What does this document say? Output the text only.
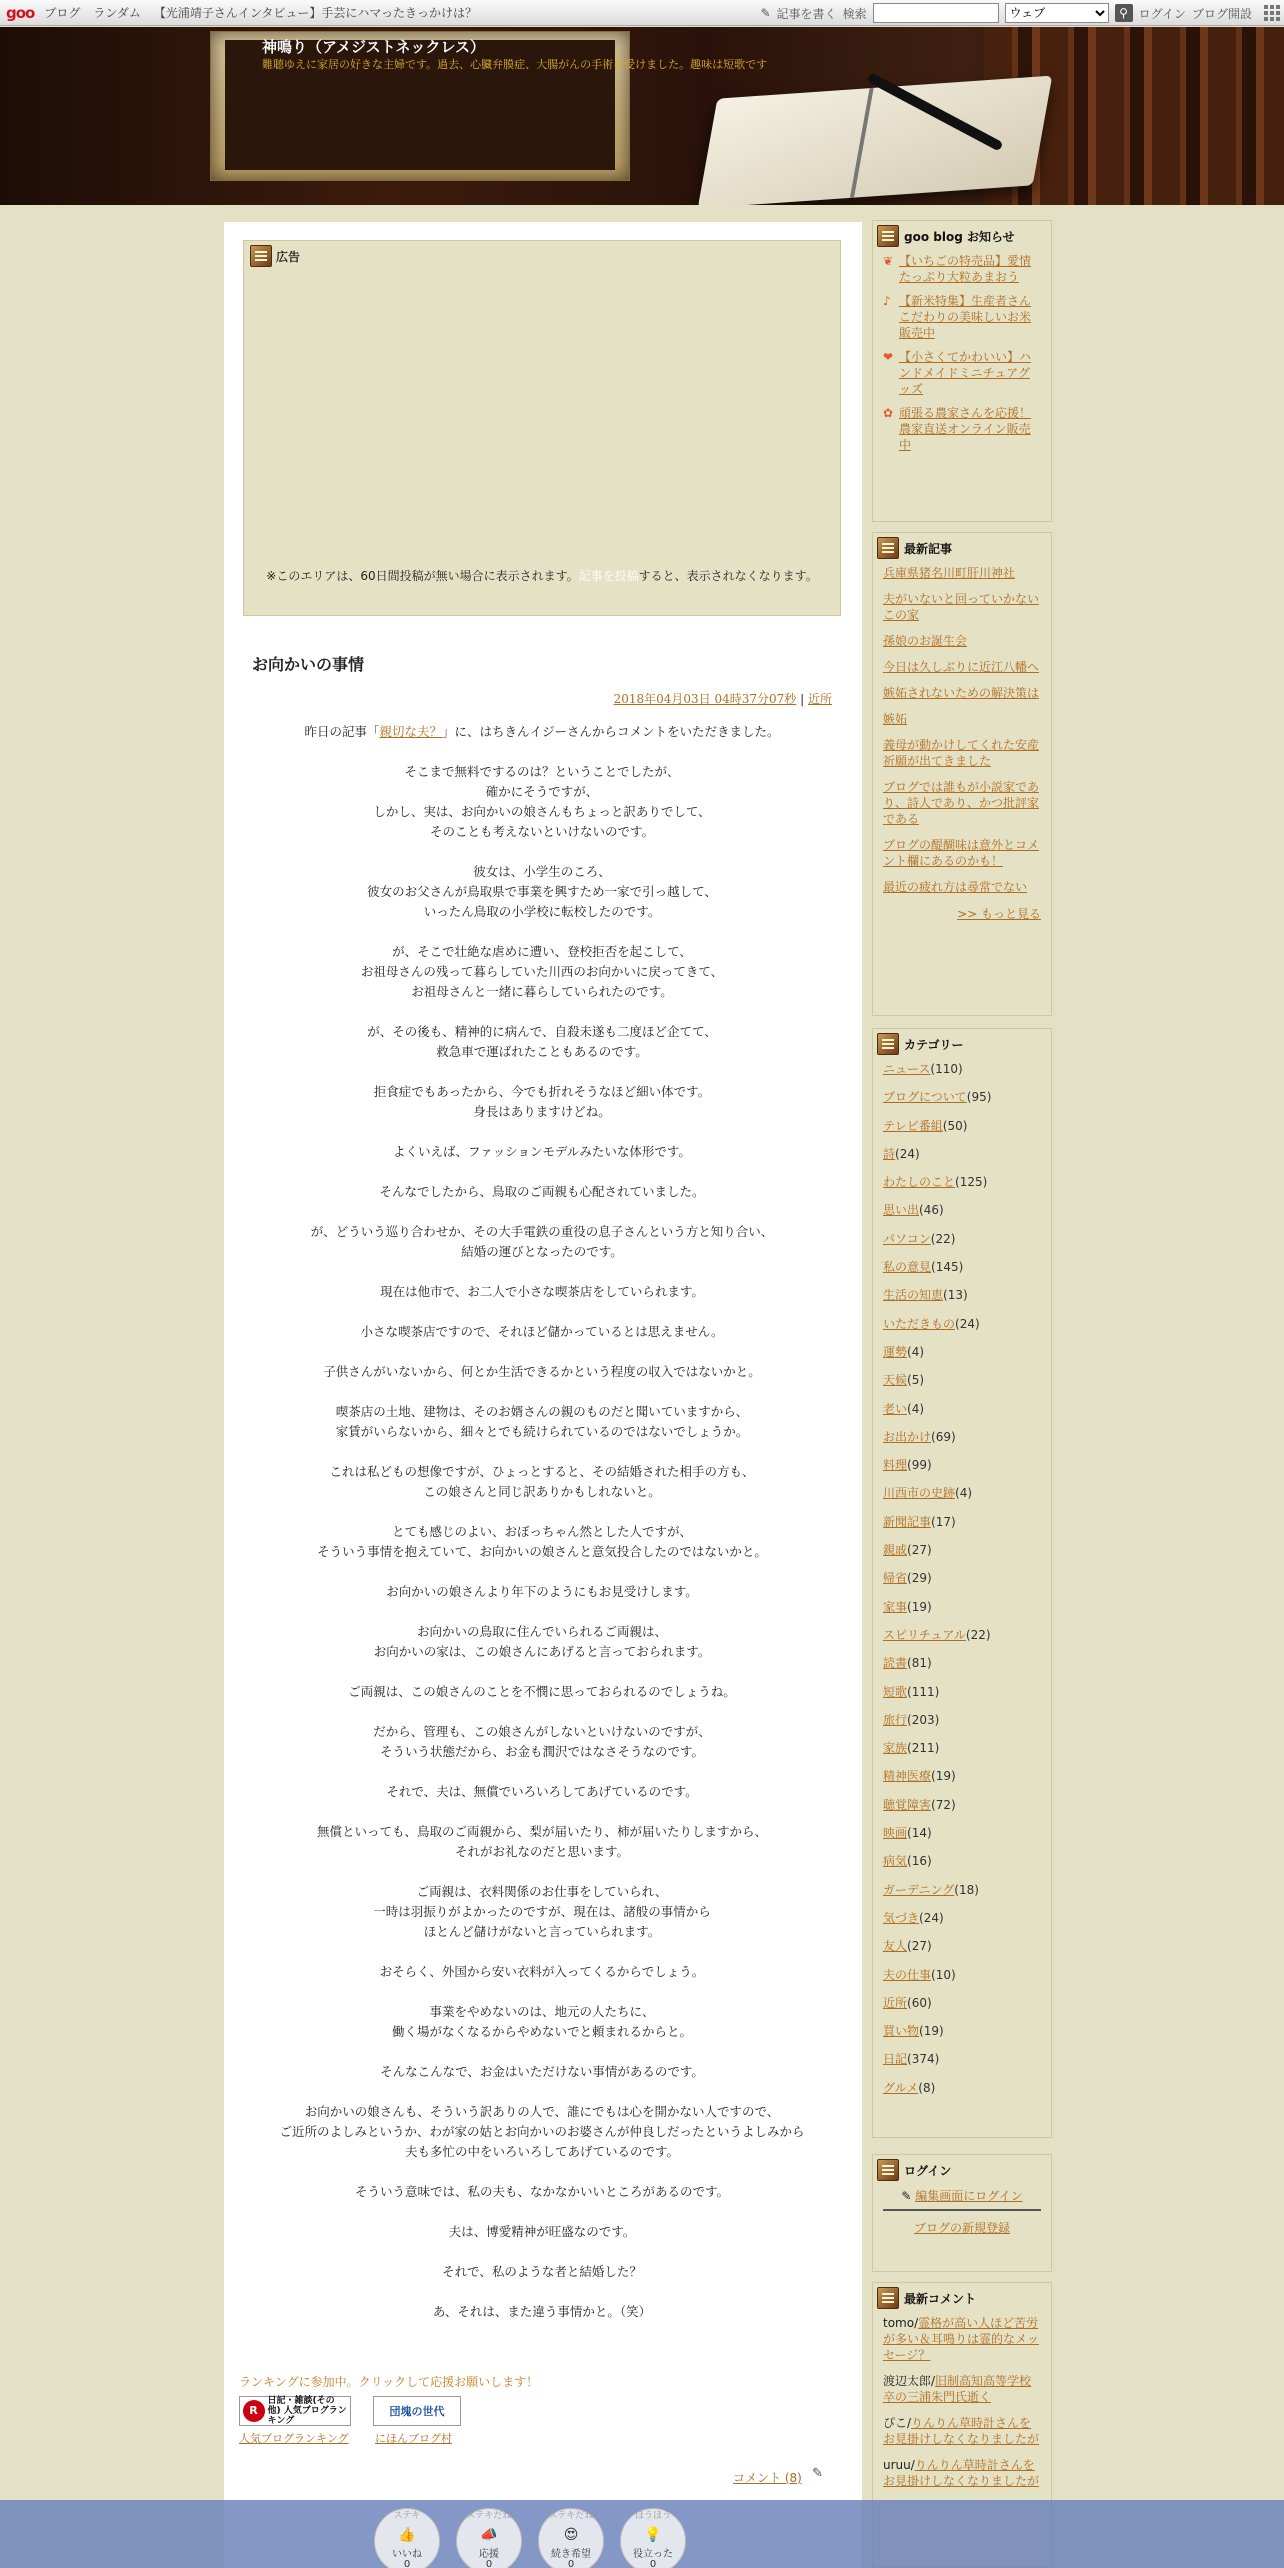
goo ブログ ランダム 【光浦靖子さんインタビュー】手芸にハマったきっかけは？	✎ 記事を書く 検索
ウェブ	⚲ ログイン ブログ開設
神鳴り（アメジストネックレス）
難聴ゆえに家居の好きな主婦です。過去、心臓弁膜症、大腸がんの手術を受けました。趣味は短歌です
広告
※このエリアは、60日間投稿が無い場合に表示されます。記事を投稿すると、表示されなくなります。
お向かいの事情
2018年04月03日 04時37分07秒 | 近所

昨日の記事「親切な夫？」に、はちきんイジーさんからコメントをいただきました。

そこまで無料でするのは？ということでしたが、
確かにそうですが、
しかし、実は、お向かいの娘さんもちょっと訳ありでして、
そのことも考えないといけないのです。

彼女は、小学生のころ、
彼女のお父さんが鳥取県で事業を興すため一家で引っ越して、
いったん鳥取の小学校に転校したのです。

が、そこで壮絶な虐めに遭い、登校拒否を起こして、
お祖母さんの残って暮らしていた川西のお向かいに戻ってきて、
お祖母さんと一緒に暮らしていられたのです。

が、その後も、精神的に病んで、自殺未遂も二度ほど企てて、
救急車で運ばれたこともあるのです。

拒食症でもあったから、今でも折れそうなほど細い体です。
身長はありますけどね。

よくいえば、ファッションモデルみたいな体形です。

そんなでしたから、鳥取のご両親も心配されていました。

が、どういう巡り合わせか、その大手電鉄の重役の息子さんという方と知り合い、
結婚の運びとなったのです。

現在は他市で、お二人で小さな喫茶店をしていられます。

小さな喫茶店ですので、それほど儲かっているとは思えません。

子供さんがいないから、何とか生活できるかという程度の収入ではないかと。

喫茶店の土地、建物は、そのお婿さんの親のものだと聞いていますから、
家賃がいらないから、細々とでも続けられているのではないでしょうか。

これは私どもの想像ですが、ひょっとすると、その結婚された相手の方も、
この娘さんと同じ訳ありかもしれないと。

とても感じのよい、おぼっちゃん然とした人ですが、
そういう事情を抱えていて、お向かいの娘さんと意気投合したのではないかと。

お向かいの娘さんより年下のようにもお見受けします。

お向かいの鳥取に住んでいられるご両親は、
お向かいの家は、この娘さんにあげると言っておられます。

ご両親は、この娘さんのことを不憫に思っておられるのでしょうね。

だから、管理も、この娘さんがしないといけないのですが、
そういう状態だから、お金も潤沢ではなさそうなのです。

それで、夫は、無償でいろいろしてあげているのです。

無償といっても、鳥取のご両親から、梨が届いたり、柿が届いたりしますから、
それがお礼なのだと思います。

ご両親は、衣料関係のお仕事をしていられ、
一時は羽振りがよかったのですが、現在は、諸般の事情から
ほとんど儲けがないと言っていられます。

おそらく、外国から安い衣料が入ってくるからでしょう。

事業をやめないのは、地元の人たちに、
働く場がなくなるからやめないでと頼まれるからと。

そんなこんなで、お金はいただけない事情があるのです。

お向かいの娘さんも、そういう訳ありの人で、誰にでもは心を開かない人ですので、
ご近所のよしみというか、わが家の姑とお向かいのお婆さんが仲良しだったというよしみから
夫も多忙の中をいろいろしてあげているのです。

そういう意味では、私の夫も、なかなかいいところがあるのです。

夫は、博愛精神が旺盛なのです。

それで、私のような者と結婚した？

あ、それは、また違う事情かと。（笑）

ランキングに参加中。クリックして応援お願いします！
R
日記・雑談(その他) 人気ブログランキング
団塊の世代
人気ブログランキング にほんブログ村
コメント (8) ✎
goo blog お知らせ
❦ 【いちごの特売品】愛情たっぷり大粒あまおう
♪ 【新米特集】生産者さんこだわりの美味しいお米販売中
❤ 【小さくてかわいい】ハンドメイドミニチュアグッズ
✿ 頑張る農家さんを応援！農家直送オンライン販売中
最新記事
兵庫県猪名川町肝川神社
夫がいないと回っていかないこの家
孫娘のお誕生会
今日は久しぶりに近江八幡へ
嫉妬されないための解決策は
嫉妬
義母が動かけしてくれた安産祈願が出てきました
ブログでは誰もが小説家であり、詩人であり、かつ批評家である
ブログの醍醐味は意外とコメント欄にあるのかも！
最近の疲れ方は尋常でない
>> もっと見る
カテゴリー
ニュース(110)
ブログについて(95)
テレビ番組(50)
詩(24)
わたしのこと(125)
思い出(46)
パソコン(22)
私の意見(145)
生活の知恵(13)
いただきもの(24)
運勢(4)
天候(5)
老い(4)
お出かけ(69)
料理(99)
川西市の史跡(4)
新聞記事(17)
親戚(27)
帰省(29)
家事(19)
スピリチュアル(22)
読書(81)
短歌(111)
旅行(203)
家族(211)
精神医療(19)
聴覚障害(72)
映画(14)
病気(16)
ガーデニング(18)
気づき(24)
友人(27)
夫の仕事(10)
近所(60)
買い物(19)
日記(374)
グルメ(8)
ログイン
✎ 編集画面にログイン
ブログの新規登録
最新コメント
tomo/霊格が高い人ほど苦労が多い＆耳鳴りは霊的なメッセージ？
渡辺太郎/旧制高知高等学校卒の三浦朱門氏逝く
ぴこ/りんりん草時計さんをお見掛けしなくなりましたが
uruu/りんりん草時計さんをお見掛けしなくなりましたが
ステキ
👍
いいね
0
ステキだね
📣
応援
0
ステキだね
😍
続き希望
0
ほうほう
💡
役立った
0
